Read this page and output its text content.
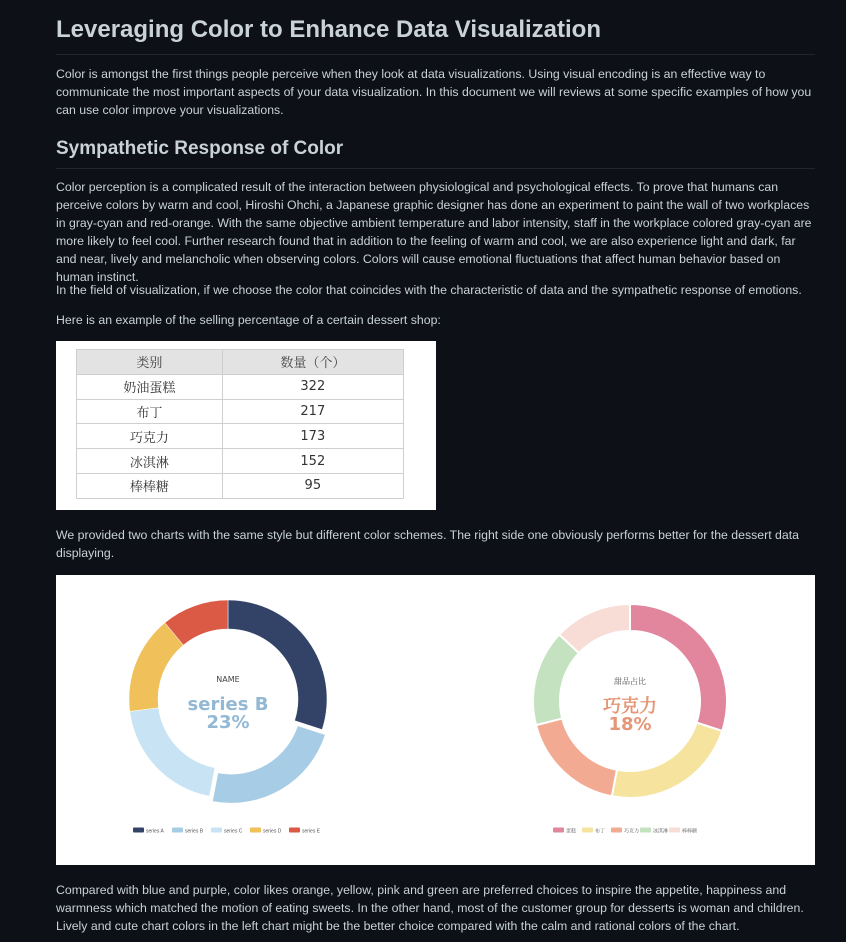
Leveraging Color to Enhance Data Visualization

Color is amongst the first things people perceive when they look at data visualizations. Using visual encoding is an effective way to communicate the most important aspects of your data visualization. In this document we will reviews at some specific examples of how you can use color improve your visualizations.

Sympathetic Response of Color

Color perception is a complicated result of the interaction between physiological and psychological effects. To prove that humans can perceive colors by warm and cool, Hiroshi Ohchi, a Japanese graphic designer has done an experiment to paint the wall of two workplaces in gray-cyan and red-orange. With the same objective ambient temperature and labor intensity, staff in the workplace colored gray-cyan are more likely to feel cool. Further research found that in addition to the feeling of warm and cool, we are also experience light and dark, far and near, lively and melancholic when observing colors. Colors will cause emotional fluctuations that affect human behavior based on human instinct.

In the field of visualization, if we choose the color that coincides with the characteristic of data and the sympathetic response of emotions.

Here is an example of the selling percentage of a certain dessert shop:

类别	数量（个）
奶油蛋糕	322
布丁	217
巧克力	173
冰淇淋	152
棒棒糖	95

We provided two charts with the same style but different color schemes. The right side one obviously performs better for the dessert data displaying.

NAME
series B
23%
series A	series B	series C	series D	series E
甜品占比
巧克力
18%
蛋糕	布丁	巧克力	冰淇淋	棒棒糖

Compared with blue and purple, color likes orange, yellow, pink and green are preferred choices to inspire the appetite, happiness and warmness which matched the motion of eating sweets. In the other hand, most of the customer group for desserts is woman and children. Lively and cute chart colors in the left chart might be the better choice compared with the calm and rational colors of the chart.
